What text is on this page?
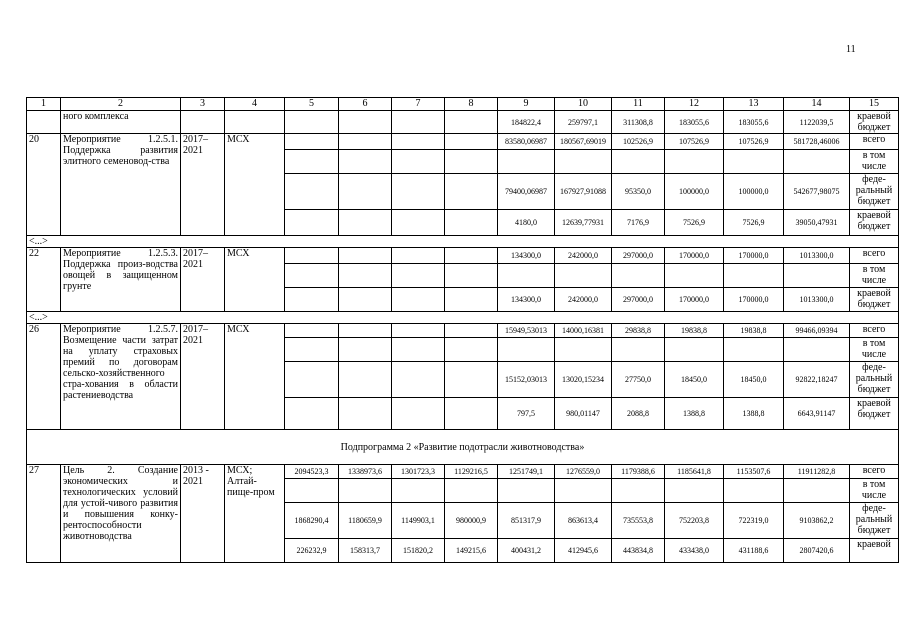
11
1	2	3	4	5	6	7	8	9	10	11	12	13	14	15
	ного комплекса							184822,4	259797,1	311308,8	183055,6	183055,6	1122039,5	краевой бюджет
20	Мероприятие 1.2.5.1. Поддержка развития элитного семеновод-ства	2017–2021	МСХ					83580,06987	180567,69019	102526,9	107526,9	107526,9	581728,46006	всего
														в том числе
								79400,06987	167927,91088	95350,0	100000,0	100000,0	542677,98075	феде-ральный бюджет
								4180,0	12639,77931	7176,9	7526,9	7526,9	39050,47931	краевой бюджет
<...>														
22	Мероприятие 1.2.5.3. Поддержка произ-водства овощей в защищенном грунте	2017–2021	МСХ					134300,0	242000,0	297000,0	170000,0	170000,0	1013300,0	всего
														в том числе
								134300,0	242000,0	297000,0	170000,0	170000,0	1013300,0	краевой бюджет
<...>														
26	Мероприятие 1.2.5.7. Возмещение части затрат на уплату страховых премий по договорам сельско-хозяйственного стра-хования в области растениеводства	2017–2021	МСХ					15949,53013	14000,16381	29838,8	19838,8	19838,8	99466,09394	всего
														в том числе
								15152,03013	13020,15234	27750,0	18450,0	18450,0	92822,18247	феде-ральный бюджет
								797,5	980,01147	2088,8	1388,8	1388,8	6643,91147	краевой бюджет
Подпрограмма 2 «Развитие подотрасли животноводства»														
27	Цель 2. Создание экономических и технологических условий для устой-чивого развития и повышения конку-рентоспособности животноводства	2013 - 2021	МСХ; Алтай-пище-пром	2094523,3	1338973,6	1301723,3	1129216,5	1251749,1	1276559,0	1179388,6	1185641,8	1153507,6	11911282,8	всего
														в том числе
				1868290,4	1180659,9	1149903,1	980000,9	851317,9	863613,4	735553,8	752203,8	722319,0	9103862,2	феде-ральный бюджет
				226232,9	158313,7	151820,2	149215,6	400431,2	412945,6	443834,8	433438,0	431188,6	2807420,6	краевой
